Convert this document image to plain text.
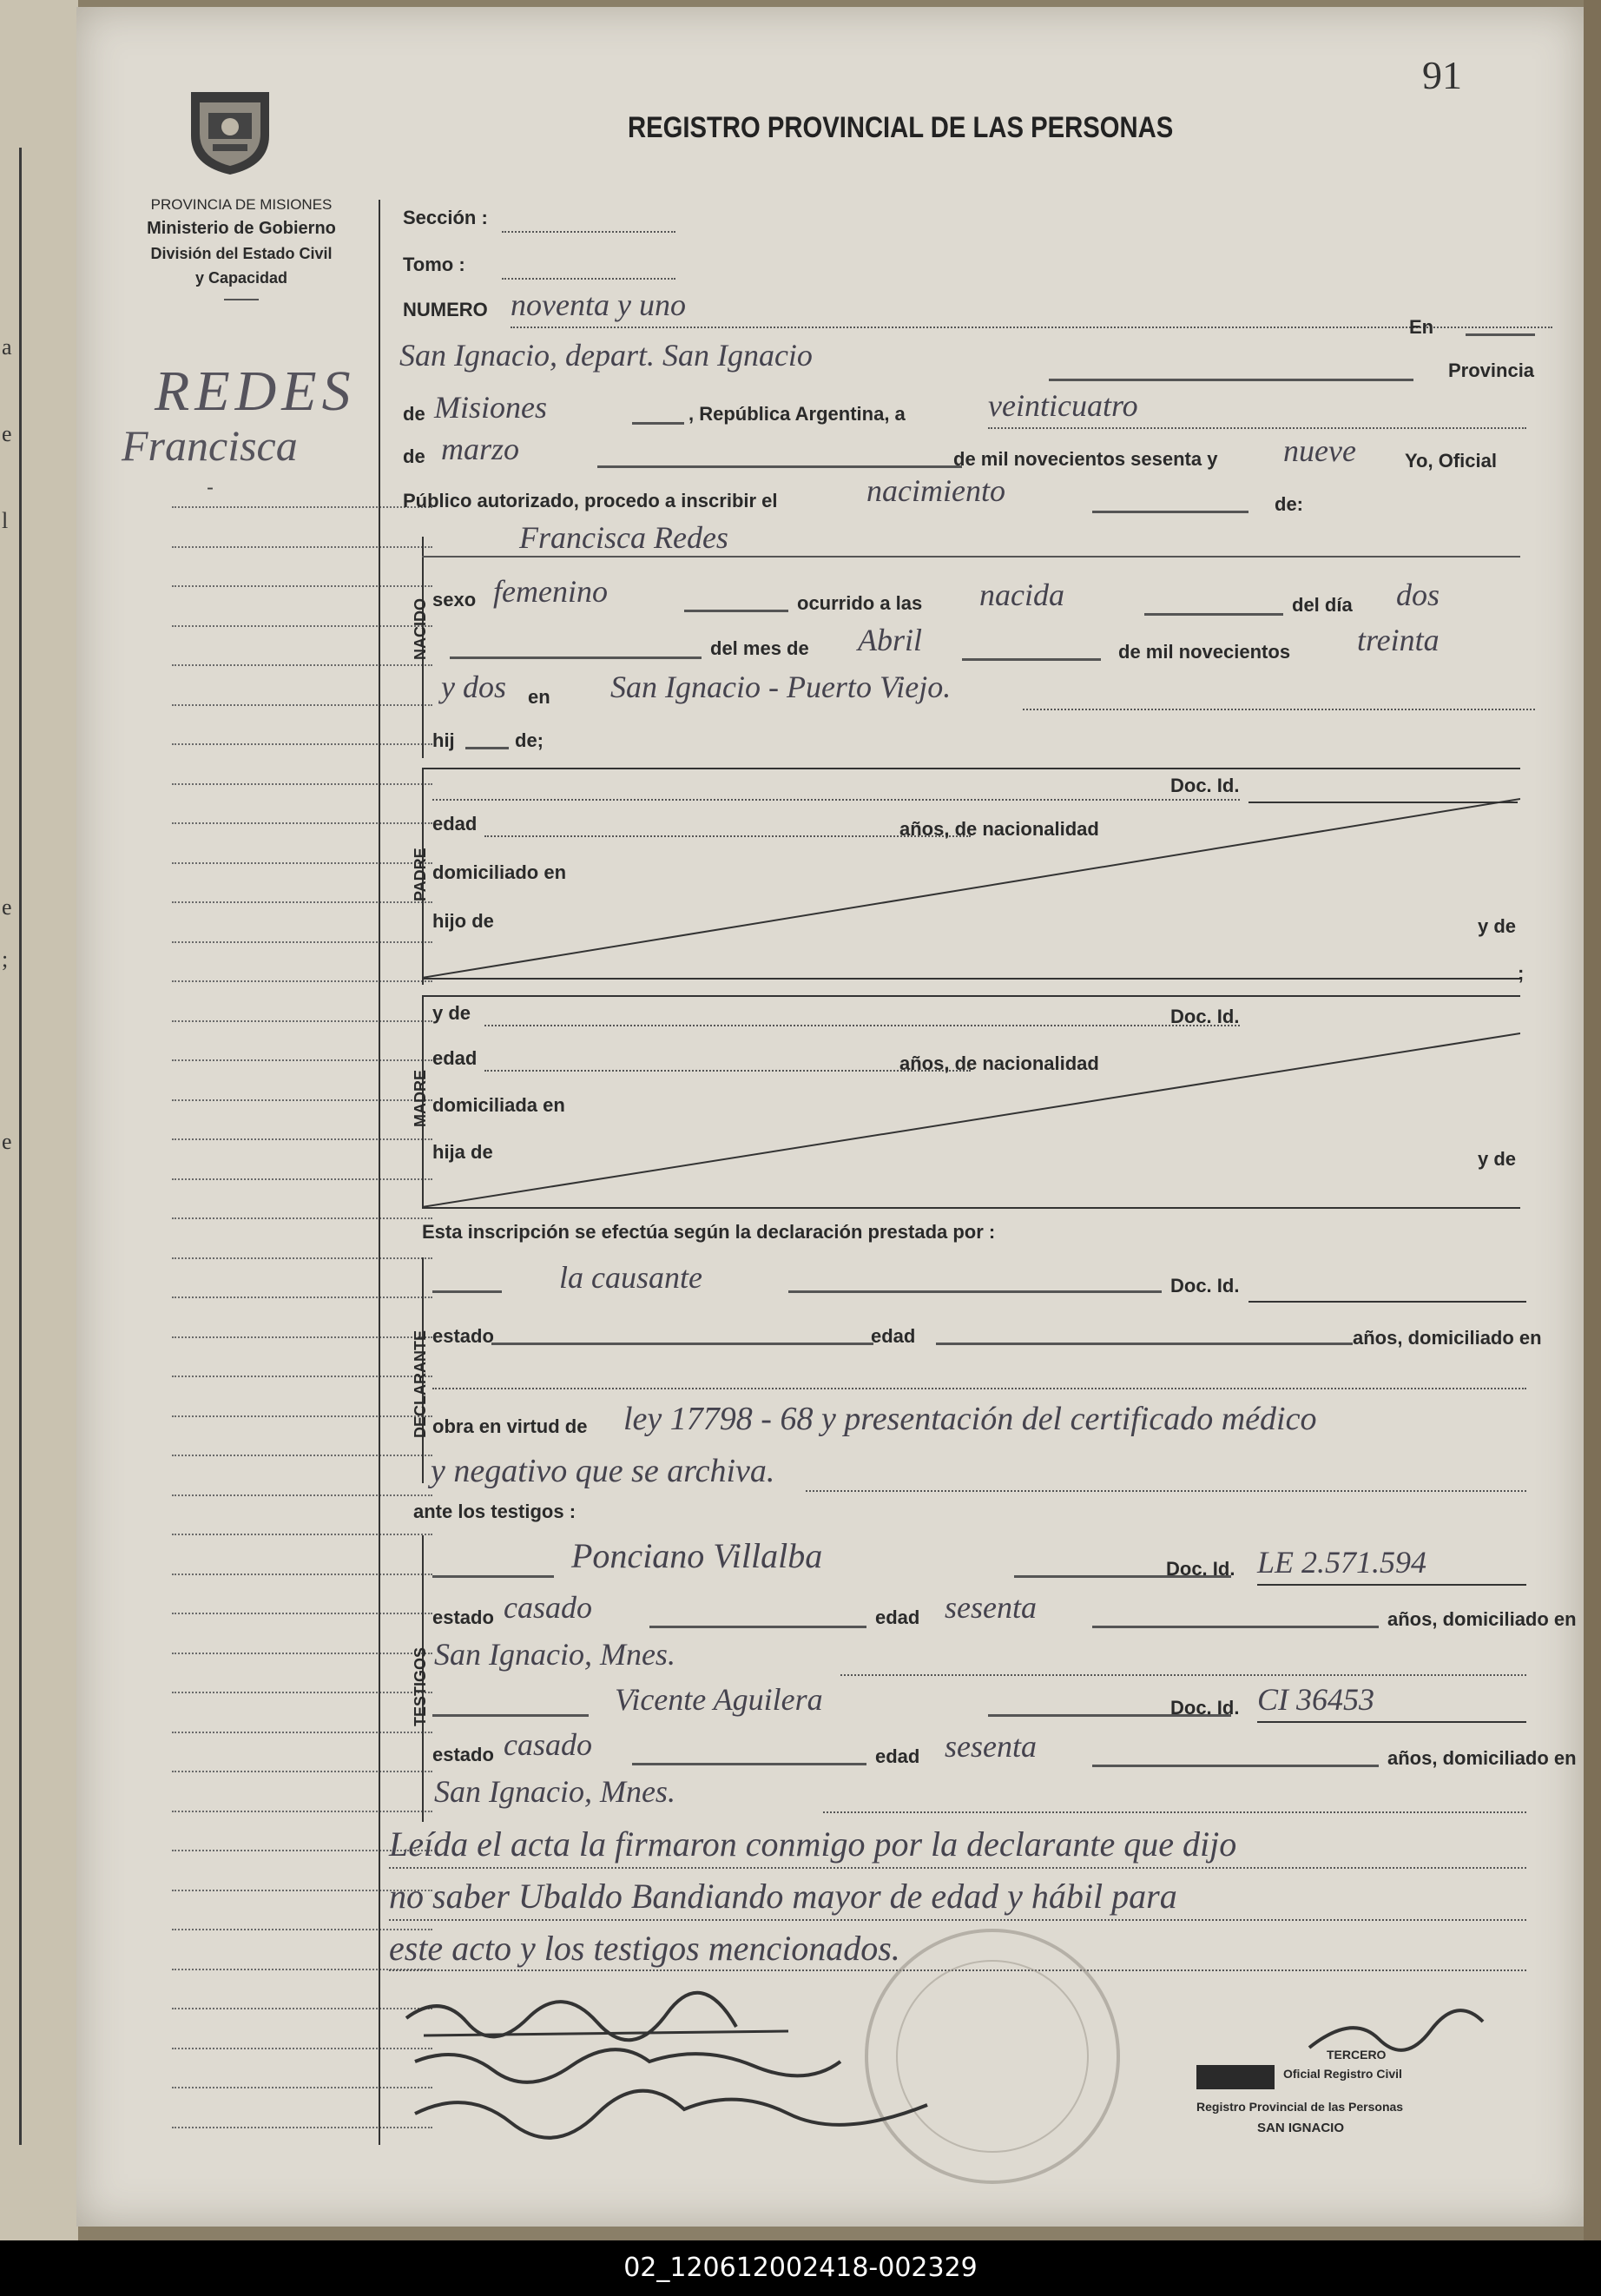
a
e
l
e
;
e
91
PROVINCIA DE MISIONES
Ministerio de Gobierno
División del Estado Civil
y Capacidad
REGISTRO PROVINCIAL DE LAS PERSONAS
REDES
Francisca
-
Sección :
Tomo :
NUMERO noventa y uno
En
San Ignacio, depart. San Ignacio	Provincia
de Misiones	, República Argentina, a	veinticuatro
de marzo	de mil novecientos sesenta y nueve	Yo, Oficial
Público autorizado, procedo a inscribir el	nacimiento	de:
NACIDO
Francisca Redes
sexo femenino	ocurrido a las nacida	del día dos
del mes de Abril	de mil novecientos treinta
y dos en San Ignacio - Puerto Viejo.
hij	de;
PADRE
Doc. Id.
edad	años, de nacionalidad
domiciliado en
hijo de	y de
;
MADRE
y de	Doc. Id.
edad	años, de nacionalidad
domiciliada en
hija de	y de
Esta inscripción se efectúa según la declaración prestada por :
DECLARANTE
la causante	Doc. Id.
estado	edad	años, domiciliado en
obra en virtud de ley 17798 - 68 y presentación del certificado médico
y negativo que se archiva.
ante los testigos :
TESTIGOS
Ponciano Villalba	Doc. Id. LE 2.571.594
estado casado	edad sesenta	años, domiciliado en
San Ignacio, Mnes.
Vicente Aguilera	Doc. Id. CI 36453
estado casado	edad sesenta	años, domiciliado en
San Ignacio, Mnes.
Leída el acta la firmaron conmigo por la declarante que dijo
no saber Ubaldo Bandiando mayor de edad y hábil para
este acto y los testigos mencionados.
TERCERO
Oficial Registro Civil
Registro Provincial de las Personas
SAN IGNACIO
02_120612002418-002329
